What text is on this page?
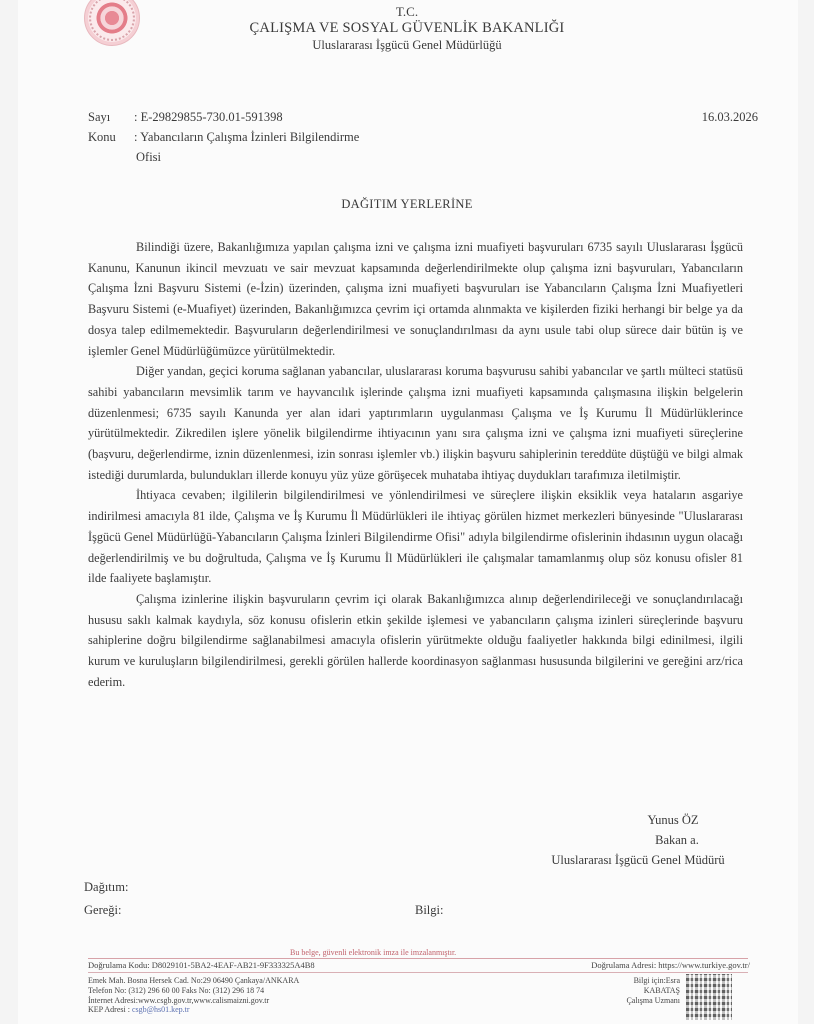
T.C.
ÇALIŞMA VE SOSYAL GÜVENLİK BAKANLIĞI
Uluslararası İşgücü Genel Müdürlüğü
Sayı : E-29829855-730.01-591398	16.03.2026
Konu : Yabancıların Çalışma İzinleri Bilgilendirme
Ofisi
DAĞITIM YERLERİNE

Bilindiği üzere, Bakanlığımıza yapılan çalışma izni ve çalışma izni muafiyeti başvuruları 6735 sayılı Uluslararası İşgücü Kanunu, Kanunun ikincil mevzuatı ve sair mevzuat kapsamında değerlendirilmekte olup çalışma izni başvuruları, Yabancıların Çalışma İzni Başvuru Sistemi (e-İzin) üzerinden, çalışma izni muafiyeti başvuruları ise Yabancıların Çalışma İzni Muafiyetleri Başvuru Sistemi (e-Muafiyet) üzerinden, Bakanlığımızca çevrim içi ortamda alınmakta ve kişilerden fiziki herhangi bir belge ya da dosya talep edilmemektedir. Başvuruların değerlendirilmesi ve sonuçlandırılması da aynı usule tabi olup sürece dair bütün iş ve işlemler Genel Müdürlüğümüzce yürütülmektedir.

Diğer yandan, geçici koruma sağlanan yabancılar, uluslararası koruma başvurusu sahibi yabancılar ve şartlı mülteci statüsü sahibi yabancıların mevsimlik tarım ve hayvancılık işlerinde çalışma izni muafiyeti kapsamında çalışmasına ilişkin belgelerin düzenlenmesi; 6735 sayılı Kanunda yer alan idari yaptırımların uygulanması Çalışma ve İş Kurumu İl Müdürlüklerince yürütülmektedir. Zikredilen işlere yönelik bilgilendirme ihtiyacının yanı sıra çalışma izni ve çalışma izni muafiyeti süreçlerine (başvuru, değerlendirme, iznin düzenlenmesi, izin sonrası işlemler vb.) ilişkin başvuru sahiplerinin tereddüte düştüğü ve bilgi almak istediği durumlarda, bulundukları illerde konuyu yüz yüze görüşecek muhataba ihtiyaç duydukları tarafımıza iletilmiştir.

İhtiyaca cevaben; ilgililerin bilgilendirilmesi ve yönlendirilmesi ve süreçlere ilişkin eksiklik veya hataların asgariye indirilmesi amacıyla 81 ilde, Çalışma ve İş Kurumu İl Müdürlükleri ile ihtiyaç görülen hizmet merkezleri bünyesinde "Uluslararası İşgücü Genel Müdürlüğü-Yabancıların Çalışma İzinleri Bilgilendirme Ofisi" adıyla bilgilendirme ofislerinin ihdasının uygun olacağı değerlendirilmiş ve bu doğrultuda, Çalışma ve İş Kurumu İl Müdürlükleri ile çalışmalar tamamlanmış olup söz konusu ofisler 81 ilde faaliyete başlamıştır.

Çalışma izinlerine ilişkin başvuruların çevrim içi olarak Bakanlığımızca alınıp değerlendirileceği ve sonuçlandırılacağı hususu saklı kalmak kaydıyla, söz konusu ofislerin etkin şekilde işlemesi ve yabancıların çalışma izinleri süreçlerinde başvuru sahiplerine doğru bilgilendirme sağlanabilmesi amacıyla ofislerin yürütmekte olduğu faaliyetler hakkında bilgi edinilmesi, ilgili kurum ve kuruluşların bilgilendirilmesi, gerekli görülen hallerde koordinasyon sağlanması hususunda bilgilerini ve gereğini arz/rica ederim.

Yunus ÖZ
Bakan a.
Uluslararası İşgücü Genel Müdürü
Dağıtım:
Gereği:	Bilgi:
Bu belge, güvenli elektronik imza ile imzalanmıştır.
Doğrulama Kodu: D8029101-5BA2-4EAF-AB21-9F333325A4B8	Doğrulama Adresi: https://www.turkiye.gov.tr/
Emek Mah. Bosna Hersek Cad. No:29 06490 Çankaya/ANKARA
Telefon No: (312) 296 60 00 Faks No: (312) 296 18 74
İnternet Adresi:www.csgb.gov.tr,www.calismaizni.gov.tr
KEP Adresi : csgb@hs01.kep.tr
Bilgi için:Esra KABATAŞ
Çalışma Uzmanı
